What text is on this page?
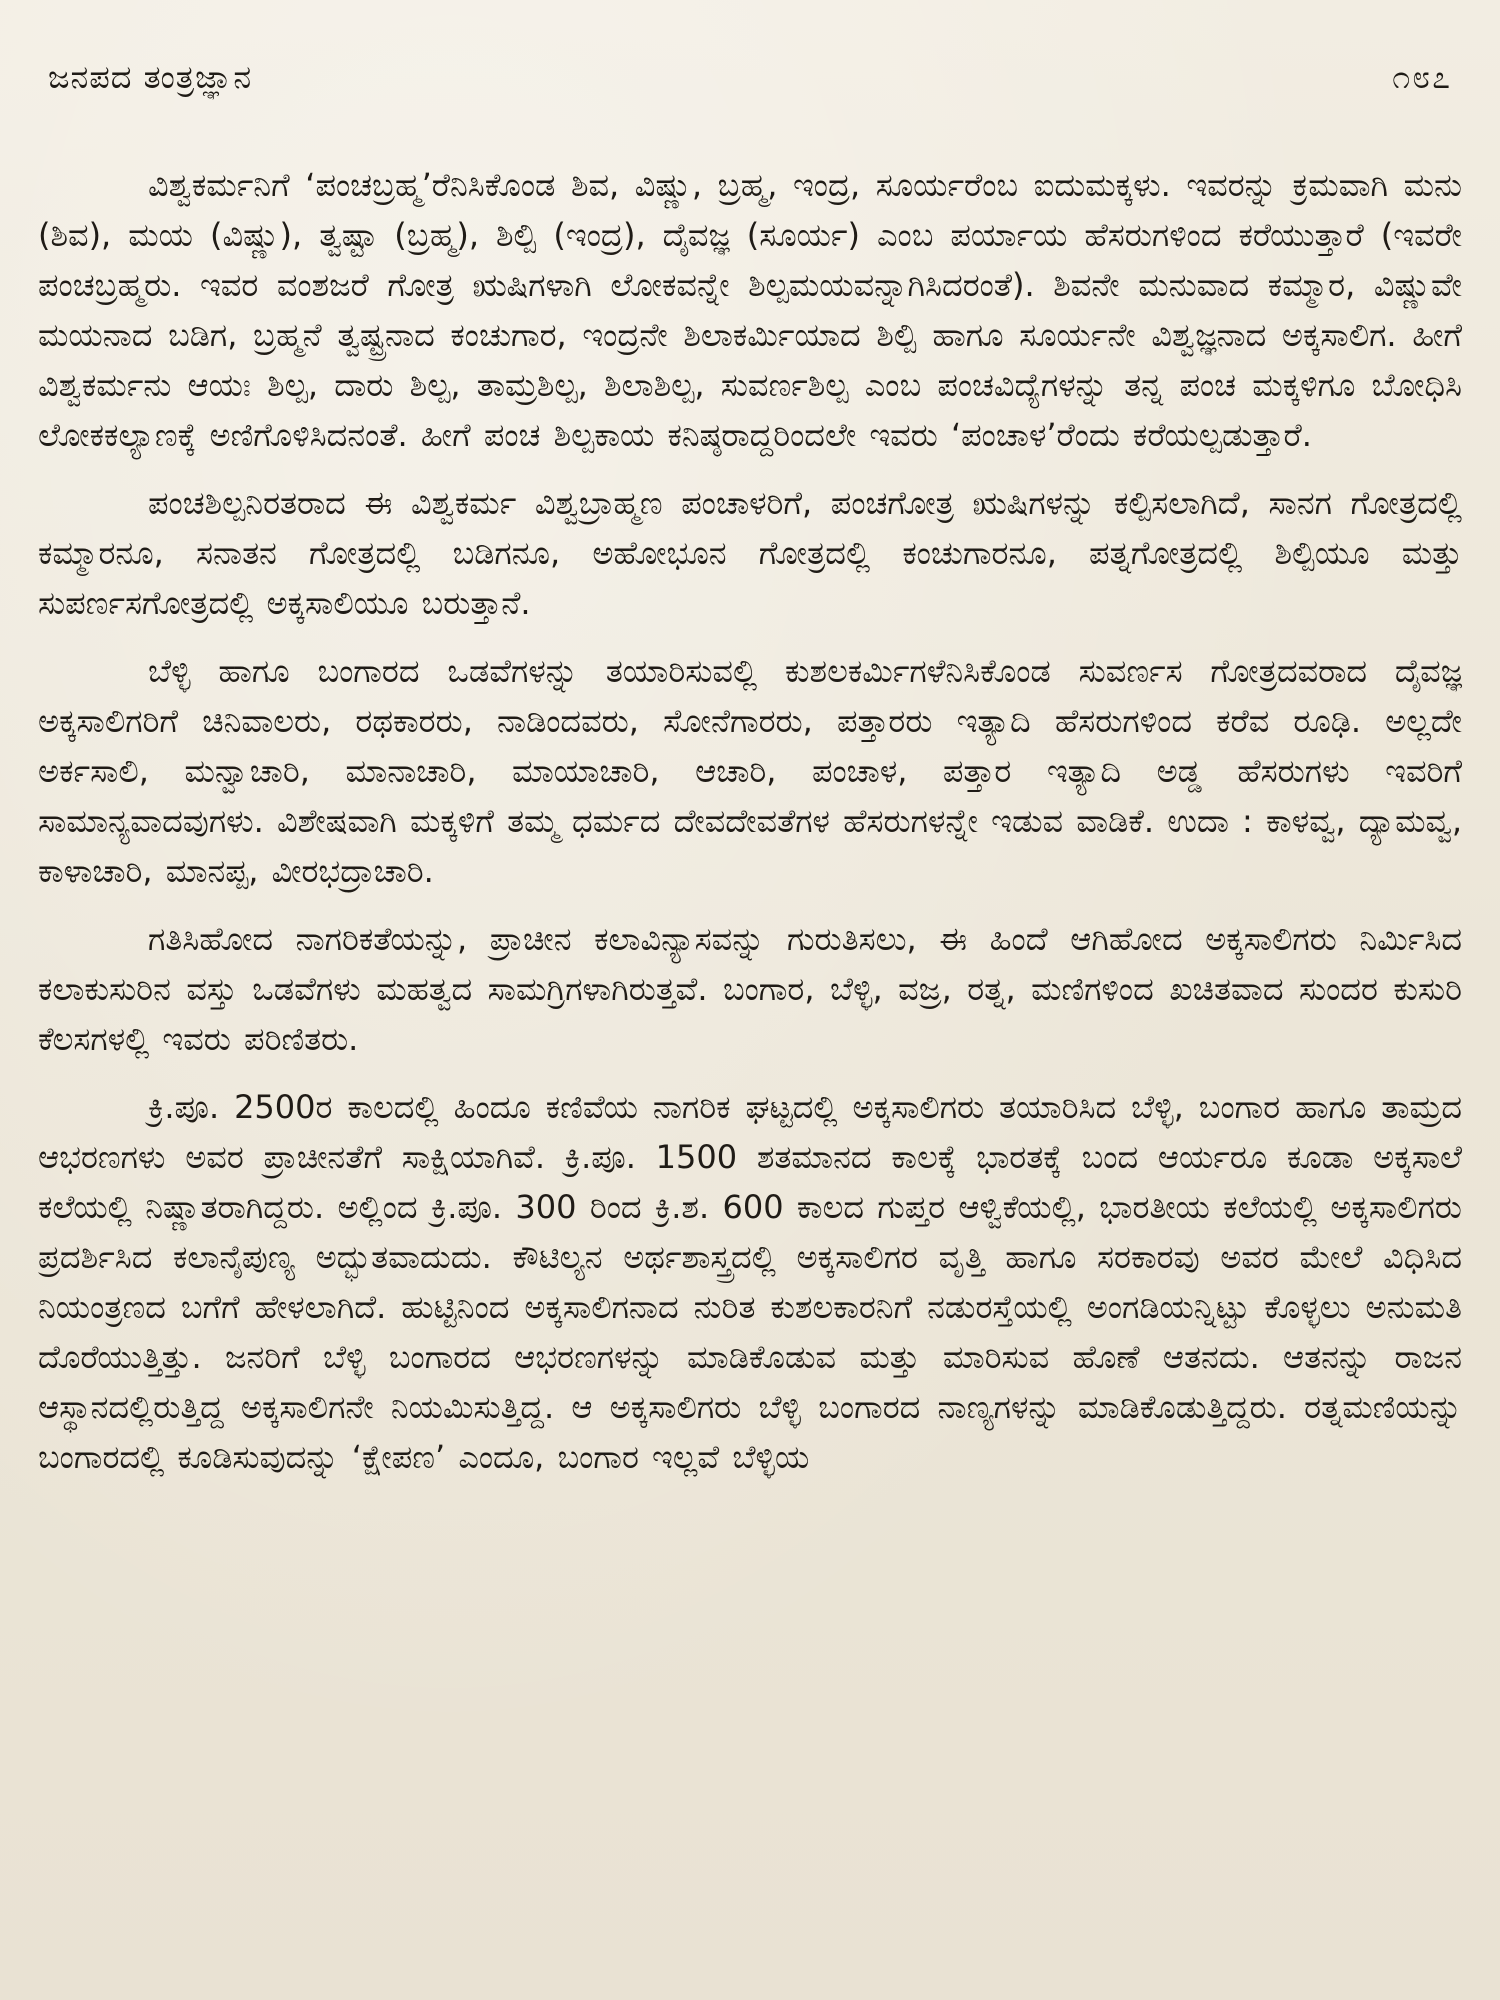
ಜನಪದ ತಂತ್ರಜ್ಞಾನ	೧೮೭

ವಿಶ್ವಕರ್ಮನಿಗೆ ‘ಪಂಚಬ್ರಹ್ಮ’ರೆನಿಸಿಕೊಂಡ ಶಿವ, ವಿಷ್ಣು, ಬ್ರಹ್ಮ, ಇಂದ್ರ, ಸೂರ್ಯರೆಂಬ ಐದುಮಕ್ಕಳು. ಇವರನ್ನು ಕ್ರಮವಾಗಿ ಮನು (ಶಿವ), ಮಯ (ವಿಷ್ಣು), ತ್ವಷ್ಟಾ (ಬ್ರಹ್ಮ), ಶಿಲ್ಪಿ (ಇಂದ್ರ), ದೈವಜ್ಞ (ಸೂರ್ಯ) ಎಂಬ ಪರ್ಯಾಯ ಹೆಸರುಗಳಿಂದ ಕರೆಯುತ್ತಾರೆ (ಇವರೇ ಪಂಚಬ್ರಹ್ಮರು. ಇವರ ವಂಶಜರೆ ಗೋತ್ರ ಋಷಿಗಳಾಗಿ ಲೋಕವನ್ನೇ ಶಿಲ್ಪಮಯವನ್ನಾಗಿಸಿದರಂತೆ). ಶಿವನೇ ಮನುವಾದ ಕಮ್ಮಾರ, ವಿಷ್ಣುವೇ ಮಯನಾದ ಬಡಿಗ, ಬ್ರಹ್ಮನೆ ತ್ವಷ್ಟ್ರನಾದ ಕಂಚುಗಾರ, ಇಂದ್ರನೇ ಶಿಲಾಕರ್ಮಿಯಾದ ಶಿಲ್ಪಿ ಹಾಗೂ ಸೂರ್ಯನೇ ವಿಶ್ವಜ್ಞನಾದ ಅಕ್ಕಸಾಲಿಗ. ಹೀಗೆ ವಿಶ್ವಕರ್ಮನು ಆಯಃ ಶಿಲ್ಪ, ದಾರು ಶಿಲ್ಪ, ತಾಮ್ರಶಿಲ್ಪ, ಶಿಲಾಶಿಲ್ಪ, ಸುವರ್ಣಶಿಲ್ಪ ಎಂಬ ಪಂಚವಿದ್ಯೆಗಳನ್ನು ತನ್ನ ಪಂಚ ಮಕ್ಕಳಿಗೂ ಬೋಧಿಸಿ ಲೋಕಕಲ್ಯಾಣಕ್ಕೆ ಅಣಿಗೊಳಿಸಿದನಂತೆ. ಹೀಗೆ ಪಂಚ ಶಿಲ್ಪಕಾಯ ಕನಿಷ್ಠರಾದ್ದರಿಂದಲೇ ಇವರು ‘ಪಂಚಾಳ’ರೆಂದು ಕರೆಯಲ್ಪಡುತ್ತಾರೆ.

ಪಂಚಶಿಲ್ಪನಿರತರಾದ ಈ ವಿಶ್ವಕರ್ಮ ವಿಶ್ವಬ್ರಾಹ್ಮಣ ಪಂಚಾಳರಿಗೆ, ಪಂಚಗೋತ್ರ ಋಷಿಗಳನ್ನು ಕಲ್ಪಿಸಲಾಗಿದೆ, ಸಾನಗ ಗೋತ್ರದಲ್ಲಿ ಕಮ್ಮಾರನೂ, ಸನಾತನ ಗೋತ್ರದಲ್ಲಿ ಬಡಿಗನೂ, ಅಹೋಭೂನ ಗೋತ್ರದಲ್ಲಿ ಕಂಚುಗಾರನೂ, ಪತ್ನಗೋತ್ರದಲ್ಲಿ ಶಿಲ್ಪಿಯೂ ಮತ್ತು ಸುಪರ್ಣಸಗೋತ್ರದಲ್ಲಿ ಅಕ್ಕಸಾಲಿಯೂ ಬರುತ್ತಾನೆ.

ಬೆಳ್ಳಿ ಹಾಗೂ ಬಂಗಾರದ ಒಡವೆಗಳನ್ನು ತಯಾರಿಸುವಲ್ಲಿ ಕುಶಲಕರ್ಮಿಗಳೆನಿಸಿಕೊಂಡ ಸುವರ್ಣಸ ಗೋತ್ರದವರಾದ ದೈವಜ್ಞ ಅಕ್ಕಸಾಲಿಗರಿಗೆ ಚಿನಿವಾಲರು, ರಥಕಾರರು, ನಾಡಿಂದವರು, ಸೋನೆಗಾರರು, ಪತ್ತಾರರು ಇತ್ಯಾದಿ ಹೆಸರುಗಳಿಂದ ಕರೆವ ರೂಢಿ. ಅಲ್ಲದೇ ಅರ್ಕಸಾಲಿ, ಮನ್ವಾಚಾರಿ, ಮಾನಾಚಾರಿ, ಮಾಯಾಚಾರಿ, ಆಚಾರಿ, ಪಂಚಾಳ, ಪತ್ತಾರ ಇತ್ಯಾದಿ ಅಡ್ಡ ಹೆಸರುಗಳು ಇವರಿಗೆ ಸಾಮಾನ್ಯವಾದವುಗಳು. ವಿಶೇಷವಾಗಿ ಮಕ್ಕಳಿಗೆ ತಮ್ಮ ಧರ್ಮದ ದೇವದೇವತೆಗಳ ಹೆಸರುಗಳನ್ನೇ ಇಡುವ ವಾಡಿಕೆ. ಉದಾ : ಕಾಳವ್ವ, ದ್ಯಾಮವ್ವ, ಕಾಳಾಚಾರಿ, ಮಾನಪ್ಪ, ವೀರಭದ್ರಾಚಾರಿ.

ಗತಿಸಿಹೋದ ನಾಗರಿಕತೆಯನ್ನು, ಪ್ರಾಚೀನ ಕಲಾವಿನ್ಯಾಸವನ್ನು ಗುರುತಿಸಲು, ಈ ಹಿಂದೆ ಆಗಿಹೋದ ಅಕ್ಕಸಾಲಿಗರು ನಿರ್ಮಿಸಿದ ಕಲಾಕುಸುರಿನ ವಸ್ತು ಒಡವೆಗಳು ಮಹತ್ವದ ಸಾಮಗ್ರಿಗಳಾಗಿರುತ್ತವೆ. ಬಂಗಾರ, ಬೆಳ್ಳಿ, ವಜ್ರ, ರತ್ನ, ಮಣಿಗಳಿಂದ ಖಚಿತವಾದ ಸುಂದರ ಕುಸುರಿ ಕೆಲಸಗಳಲ್ಲಿ ಇವರು ಪರಿಣಿತರು.

ಕ್ರಿ.ಪೂ. 2500ರ ಕಾಲದಲ್ಲಿ ಹಿಂದೂ ಕಣಿವೆಯ ನಾಗರಿಕ ಘಟ್ಟದಲ್ಲಿ ಅಕ್ಕಸಾಲಿಗರು ತಯಾರಿಸಿದ ಬೆಳ್ಳಿ, ಬಂಗಾರ ಹಾಗೂ ತಾಮ್ರದ ಆಭರಣಗಳು ಅವರ ಪ್ರಾಚೀನತೆಗೆ ಸಾಕ್ಷಿಯಾಗಿವೆ. ಕ್ರಿ.ಪೂ. 1500 ಶತಮಾನದ ಕಾಲಕ್ಕೆ ಭಾರತಕ್ಕೆ ಬಂದ ಆರ್ಯರೂ ಕೂಡಾ ಅಕ್ಕಸಾಲೆ ಕಲೆಯಲ್ಲಿ ನಿಷ್ಣಾತರಾಗಿದ್ದರು. ಅಲ್ಲಿಂದ ಕ್ರಿ.ಪೂ. 300 ರಿಂದ ಕ್ರಿ.ಶ. 600 ಕಾಲದ ಗುಪ್ತರ ಆಳ್ವಿಕೆಯಲ್ಲಿ, ಭಾರತೀಯ ಕಲೆಯಲ್ಲಿ ಅಕ್ಕಸಾಲಿಗರು ಪ್ರದರ್ಶಿಸಿದ ಕಲಾನೈಪುಣ್ಯ ಅದ್ಭುತವಾದುದು. ಕೌಟಿಲ್ಯನ ಅರ್ಥಶಾಸ್ತ್ರದಲ್ಲಿ ಅಕ್ಕಸಾಲಿಗರ ವೃತ್ತಿ ಹಾಗೂ ಸರಕಾರವು ಅವರ ಮೇಲೆ ವಿಧಿಸಿದ ನಿಯಂತ್ರಣದ ಬಗೆಗೆ ಹೇಳಲಾಗಿದೆ. ಹುಟ್ಟಿನಿಂದ ಅಕ್ಕಸಾಲಿಗನಾದ ನುರಿತ ಕುಶಲಕಾರನಿಗೆ ನಡುರಸ್ತೆಯಲ್ಲಿ ಅಂಗಡಿಯನ್ನಿಟ್ಟು ಕೊಳ್ಳಲು ಅನುಮತಿ ದೊರೆಯುತ್ತಿತ್ತು. ಜನರಿಗೆ ಬೆಳ್ಳಿ ಬಂಗಾರದ ಆಭರಣಗಳನ್ನು ಮಾಡಿಕೊಡುವ ಮತ್ತು ಮಾರಿಸುವ ಹೊಣೆ ಆತನದು. ಆತನನ್ನು ರಾಜನ ಆಸ್ಥಾನದಲ್ಲಿರುತ್ತಿದ್ದ ಅಕ್ಕಸಾಲಿಗನೇ ನಿಯಮಿಸುತ್ತಿದ್ದ. ಆ ಅಕ್ಕಸಾಲಿಗರು ಬೆಳ್ಳಿ ಬಂಗಾರದ ನಾಣ್ಯಗಳನ್ನು ಮಾಡಿಕೊಡುತ್ತಿದ್ದರು. ರತ್ನಮಣಿಯನ್ನು ಬಂಗಾರದಲ್ಲಿ ಕೂಡಿಸುವುದನ್ನು ‘ಕ್ಷೇಪಣ’ ಎಂದೂ, ಬಂಗಾರ ಇಲ್ಲವೆ ಬೆಳ್ಳಿಯ
